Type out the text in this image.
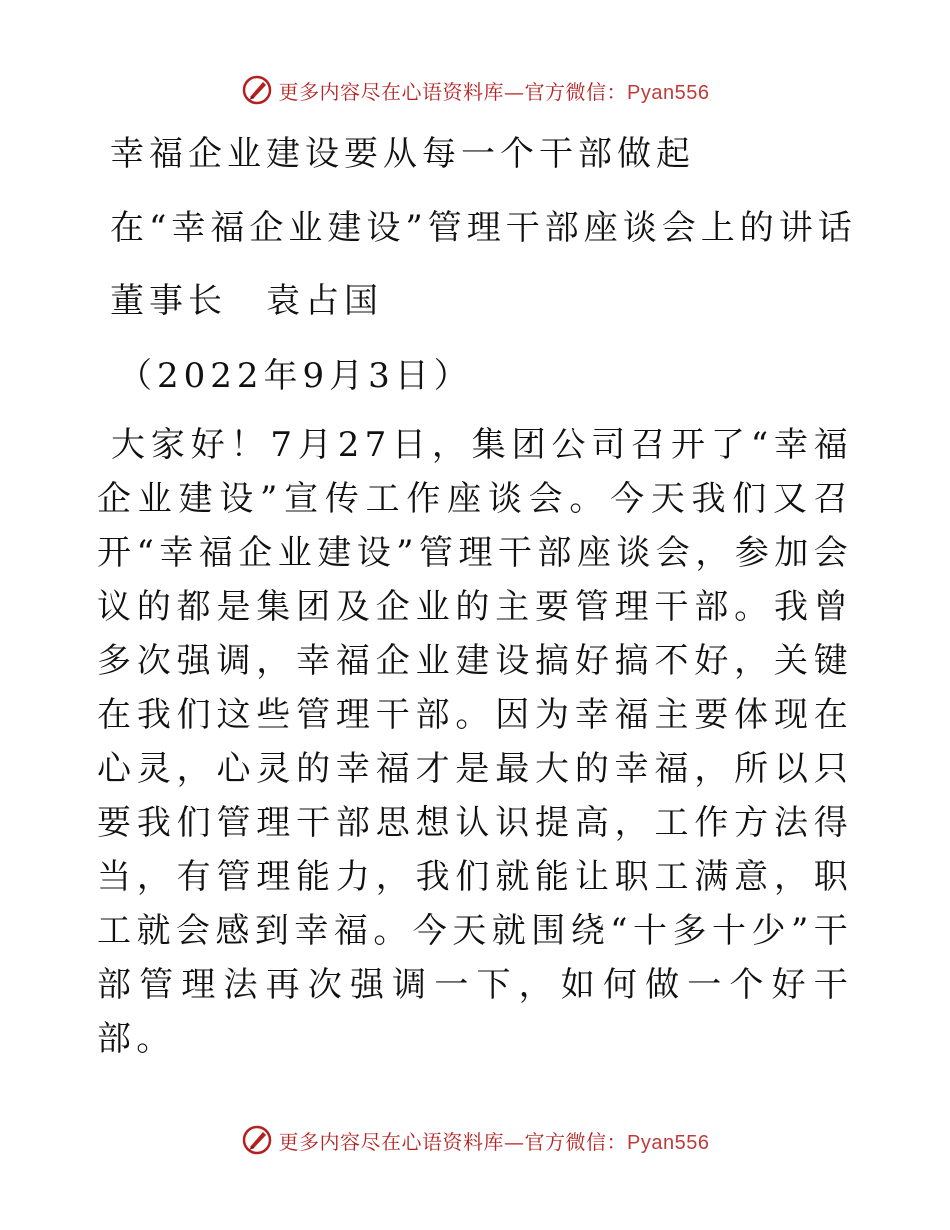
更多内容尽在心语资料库—官方微信：Pyan556
幸福企业建设要从每一个干部做起
在“幸福企业建设”管理干部座谈会上的讲话
董事长　袁占国
（2022年9月3日）
大家好！7月27日，集团公司召开了“幸福企业建设”宣传工作座谈会。今天我们又召开“幸福企业建设”管理干部座谈会，参加会议的都是集团及企业的主要管理干部。我曾多次强调，幸福企业建设搞好搞不好，关键在我们这些管理干部。因为幸福主要体现在心灵，心灵的幸福才是最大的幸福，所以只要我们管理干部思想认识提高，工作方法得当，有管理能力，我们就能让职工满意，职工就会感到幸福。今天就围绕“十多十少”干部管理法再次强调一下，如何做一个好干部。
更多内容尽在心语资料库—官方微信：Pyan556
